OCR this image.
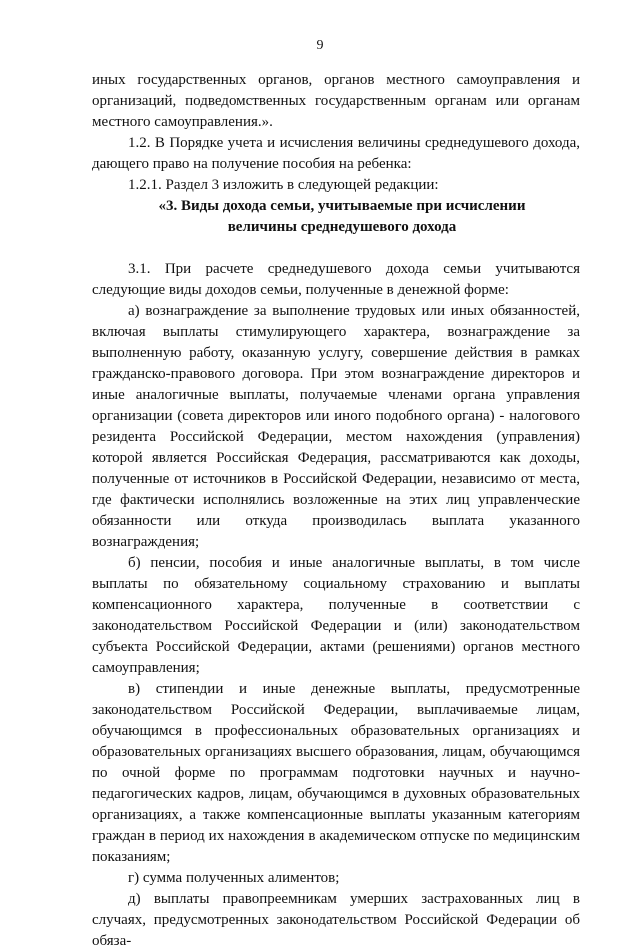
9

иных государственных органов, органов местного самоуправления и организаций, подведомственных государственным органам или органам местного самоуправления.».

1.2. В Порядке учета и исчисления величины среднедушевого дохода, дающего право на получение пособия на ребенка:

1.2.1. Раздел 3 изложить в следующей редакции:

«3. Виды дохода семьи, учитываемые при исчислении

величины среднедушевого дохода

3.1. При расчете среднедушевого дохода семьи учитываются следующие виды доходов семьи, полученные в денежной форме:

а) вознаграждение за выполнение трудовых или иных обязанностей, включая выплаты стимулирующего характера, вознаграждение за выполненную работу, оказанную услугу, совершение действия в рамках гражданско-правового договора. При этом вознаграждение директоров и иные аналогичные выплаты, получаемые членами органа управления организации (совета директоров или иного подобного органа) - налогового резидента Российской Федерации, местом нахождения (управления) которой является Российская Федерация, рассматриваются как доходы, полученные от источников в Российской Федерации, независимо от места, где фактически исполнялись возложенные на этих лиц управленческие обязанности или откуда производилась выплата указанного вознаграждения;

б) пенсии, пособия и иные аналогичные выплаты, в том числе выплаты по обязательному социальному страхованию и выплаты компенсационного характера, полученные в соответствии с законодательством Российской Федерации и (или) законодательством субъекта Российской Федерации, актами (решениями) органов местного самоуправления;

в) стипендии и иные денежные выплаты, предусмотренные законодательством Российской Федерации, выплачиваемые лицам, обучающимся в профессиональных образовательных организациях и образовательных организациях высшего образования, лицам, обучающимся по очной форме по программам подготовки научных и научно-педагогических кадров, лицам, обучающимся в духовных образовательных организациях, а также компенсационные выплаты указанным категориям граждан в период их нахождения в академическом отпуске по медицинским показаниям;

г) сумма полученных алиментов;

д) выплаты правопреемникам умерших застрахованных лиц в случаях, предусмотренных законодательством Российской Федерации об обяза-
